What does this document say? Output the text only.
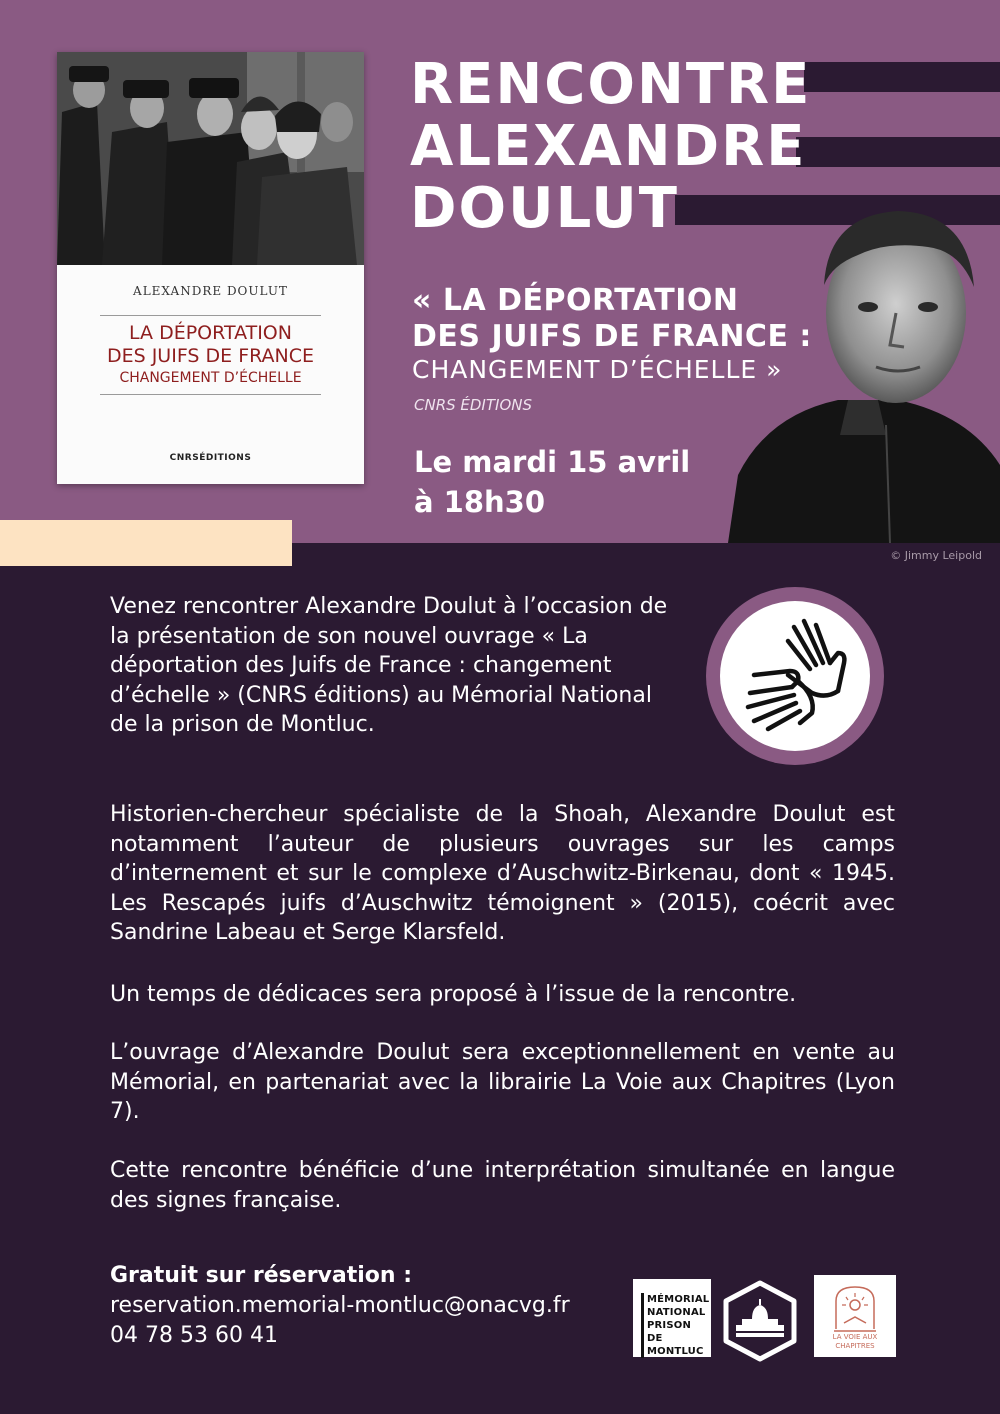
ALEXANDRE DOULUT
LA DÉPORTATION
DES JUIFS DE FRANCE
CHANGEMENT D’ÉCHELLE
CNRSÉDITIONS
RENCONTRE
ALEXANDRE
DOULUT
« LA DÉPORTATION
DES JUIFS DE FRANCE :
CHANGEMENT D’ÉCHELLE »
CNRS ÉDITIONS
Le mardi 15 avril
à 18h30
© Jimmy Leipold
Venez rencontrer Alexandre Doulut à l’occasion de la présentation de son nouvel ouvrage « La déportation des Juifs de France : changement d’échelle » (CNRS éditions) au Mémorial National de la prison de Montluc.
Historien-chercheur spécialiste de la Shoah, Alexandre Doulut est notamment l’auteur de plusieurs ouvrages sur les camps d’internement et sur le complexe d’Auschwitz-Birkenau, dont « 1945. Les Rescapés juifs d’Auschwitz témoignent » (2015), coécrit avec Sandrine Labeau et Serge Klarsfeld.
Un temps de dédicaces sera proposé à l’issue de la rencontre.
L’ouvrage d’Alexandre Doulut sera exceptionnellement en vente au Mémorial, en partenariat avec la librairie La Voie aux Chapitres (Lyon 7).
Cette rencontre bénéficie d’une interprétation simultanée en langue des signes française.
Gratuit sur réservation :
reservation.memorial-montluc@onacvg.fr
04 78 53 60 41
MÉMORIAL
NATIONAL
PRISON
DE MONTLUC
LA VOIE AUX
CHAPITRES
